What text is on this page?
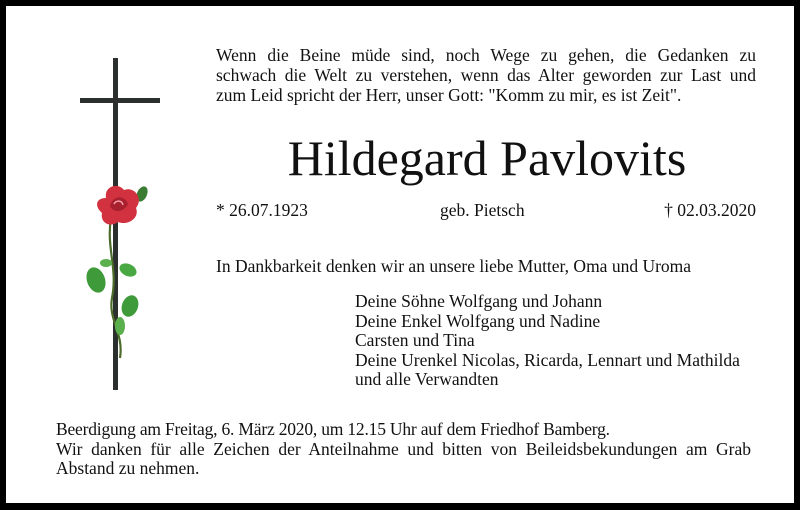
Wenn die Beine müde sind, noch Wege zu gehen, die Gedanken zu
schwach die Welt zu verstehen, wenn das Alter geworden zur Last und
zum Leid spricht der Herr, unser Gott: "Komm zu mir, es ist Zeit".
Hildegard Pavlovits
* 26.07.1923	geb. Pietsch	† 02.03.2020
In Dankbarkeit denken wir an unsere liebe Mutter, Oma und Uroma
Deine Söhne Wolfgang und Johann
Deine Enkel Wolfgang und Nadine
Carsten und Tina
Deine Urenkel Nicolas, Ricarda, Lennart und Mathilda
und alle Verwandten
Beerdigung am Freitag, 6. März 2020, um 12.15 Uhr auf dem Friedhof Bamberg.
Wir danken für alle Zeichen der Anteilnahme und bitten von Beileidsbekundungen am Grab
Abstand zu nehmen.
